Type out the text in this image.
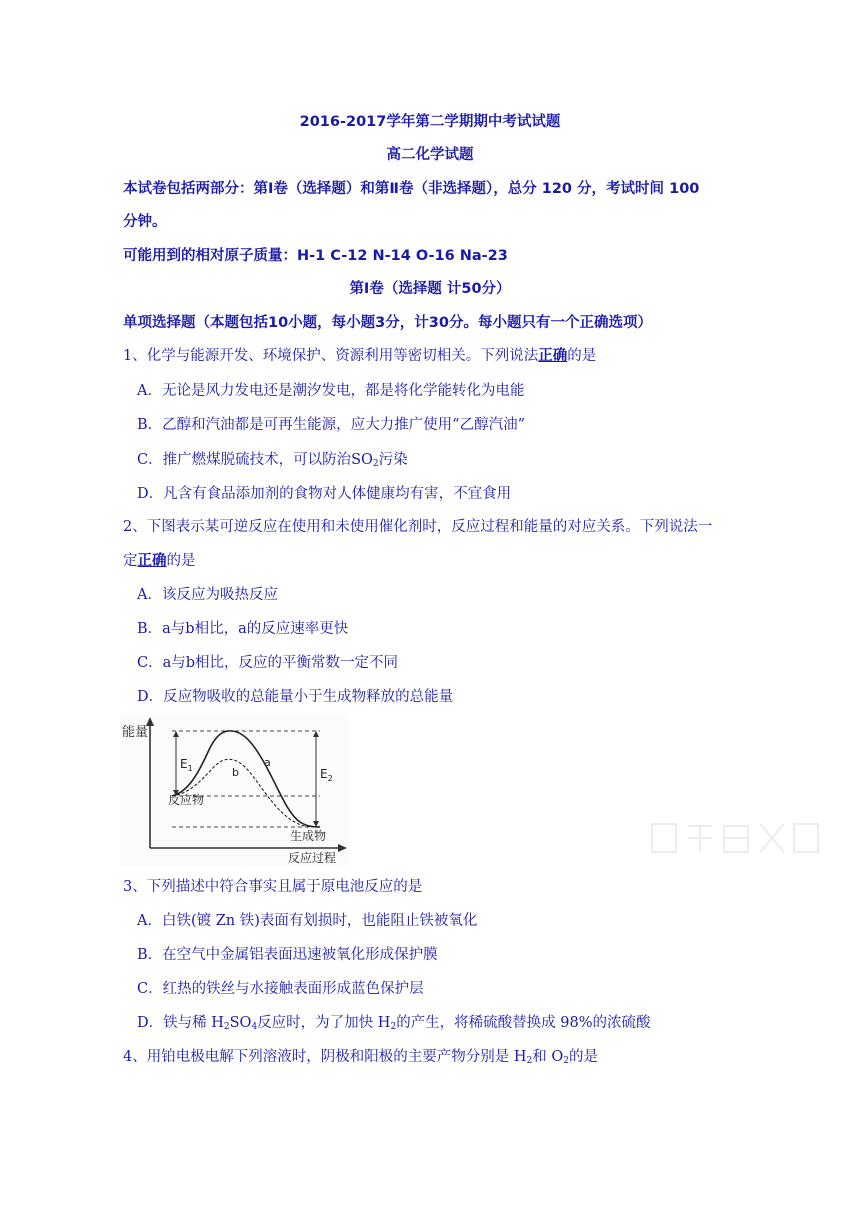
2016-2017学年第二学期期中考试试题
高二化学试题
本试卷包括两部分：第Ⅰ卷（选择题）和第Ⅱ卷（非选择题），总分 120 分，考试时间 100
分钟。
可能用到的相对原子质量：H-1 C-12 N-14 O-16 Na-23
第Ⅰ卷（选择题 计50分）
单项选择题（本题包括10小题，每小题3分，计30分。每小题只有一个正确选项）
1、化学与能源开发、环境保护、资源利用等密切相关。下列说法正确的是
A．无论是风力发电还是潮汐发电，都是将化学能转化为电能
B．乙醇和汽油都是可再生能源，应大力推广使用“乙醇汽油”
C．推广燃煤脱硫技术，可以防治$SO_2$污染
D．凡含有食品添加剂的食物对人体健康均有害，不宜食用
2、下图表示某可逆反应在使用和未使用催化剂时，反应过程和能量的对应关系。下列说法一
定正确的是
A．该反应为吸热反应
B．a与b相比，a的反应速率更快
C．a与b相比，反应的平衡常数一定不同
D．反应物吸收的总能量小于生成物释放的总能量
能量
反应物
生成物
反应过程
$E_1$	$E_2$
a
b
3、下列描述中符合事实且属于原电池反应的是
A．白铁(镀 Zn 铁)表面有划损时，也能阻止铁被氧化
B．在空气中金属铝表面迅速被氧化形成保护膜
C．红热的铁丝与水接触表面形成蓝色保护层
D．铁与稀 $H_2SO_4$反应时，为了加快 $H_2$的产生，将稀硫酸替换成 98%的浓硫酸
4、用铂电极电解下列溶液时，阴极和阳极的主要产物分别是 $H_2$和 $O_2$的是
